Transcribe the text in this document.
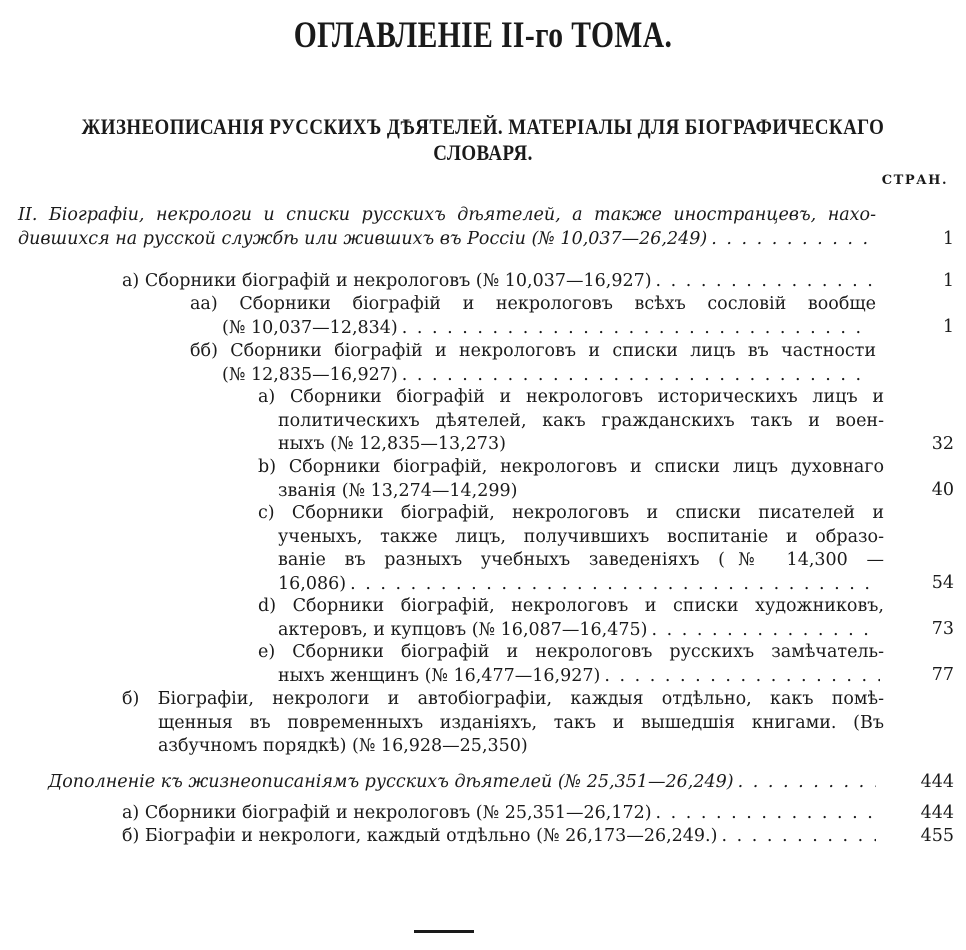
ОГЛАВЛЕНІЕ II-го ТОМА.
ЖИЗНЕОПИСАНІЯ РУССКИХЪ ДѢЯТЕЛЕЙ. МАТЕРІАЛЫ ДЛЯ БІОГРАФИЧЕСКАГО СЛОВАРЯ.
СТРАН.
II. Біографіи, некрологи и списки русскихъ дѣятелей, а также иностранцевъ, нахо-
дившихся на русской службѣ или жившихъ въ Россіи (№ 10,037—26,249) . . .	1
а) Сборники біографій и некрологовъ (№ 10,037—16,927) . . .	1
аа) Сборники біографій и некрологовъ всѣхъ сословій вообще
(№ 10,037—12,834) . . .	1
бб) Сборники біографій и некрологовъ и списки лицъ въ частности
(№ 12,835—16,927)
. . .
a) Сборники біографій и некрологовъ историческихъ лицъ и
политическихъ дѣятелей, какъ гражданскихъ такъ и воен-
ныхъ (№ 12,835—13,273)	32
b) Сборники біографій, некрологовъ и списки лицъ духовнаго
званія (№ 13,274—14,299)	40
c) Сборники біографій, некрологовъ и списки писателей и
ученыхъ, также лицъ, получившихъ воспитаніе и образо-
ваніе въ разныхъ учебныхъ заведеніяхъ (№ 14,300 —
16,086) . . .	54
d) Сборники біографій, некрологовъ и списки художниковъ,
актеровъ, и купцовъ (№ 16,087—16,475) . . .	73
e) Сборники біографій и некрологовъ русскихъ замѣчатель-
ныхъ женщинъ (№ 16,477—16,927) . . .	77
б) Біографіи, некрологи и автобіографіи, каждыя отдѣльно, какъ помѣ-
щенныя въ повременныхъ изданіяхъ, такъ и вышедшія книгами. (Въ
азбучномъ порядкѣ) (№ 16,928—25,350)
Дополненіе къ жизнеописаніямъ русскихъ дѣятелей (№ 25,351—26,249) . . .	444
а) Сборники біографій и некрологовъ (№ 25,351—26,172) . . .	444
б) Біографіи и некрологи, каждый отдѣльно (№ 26,173—26,249.) . . .	455
